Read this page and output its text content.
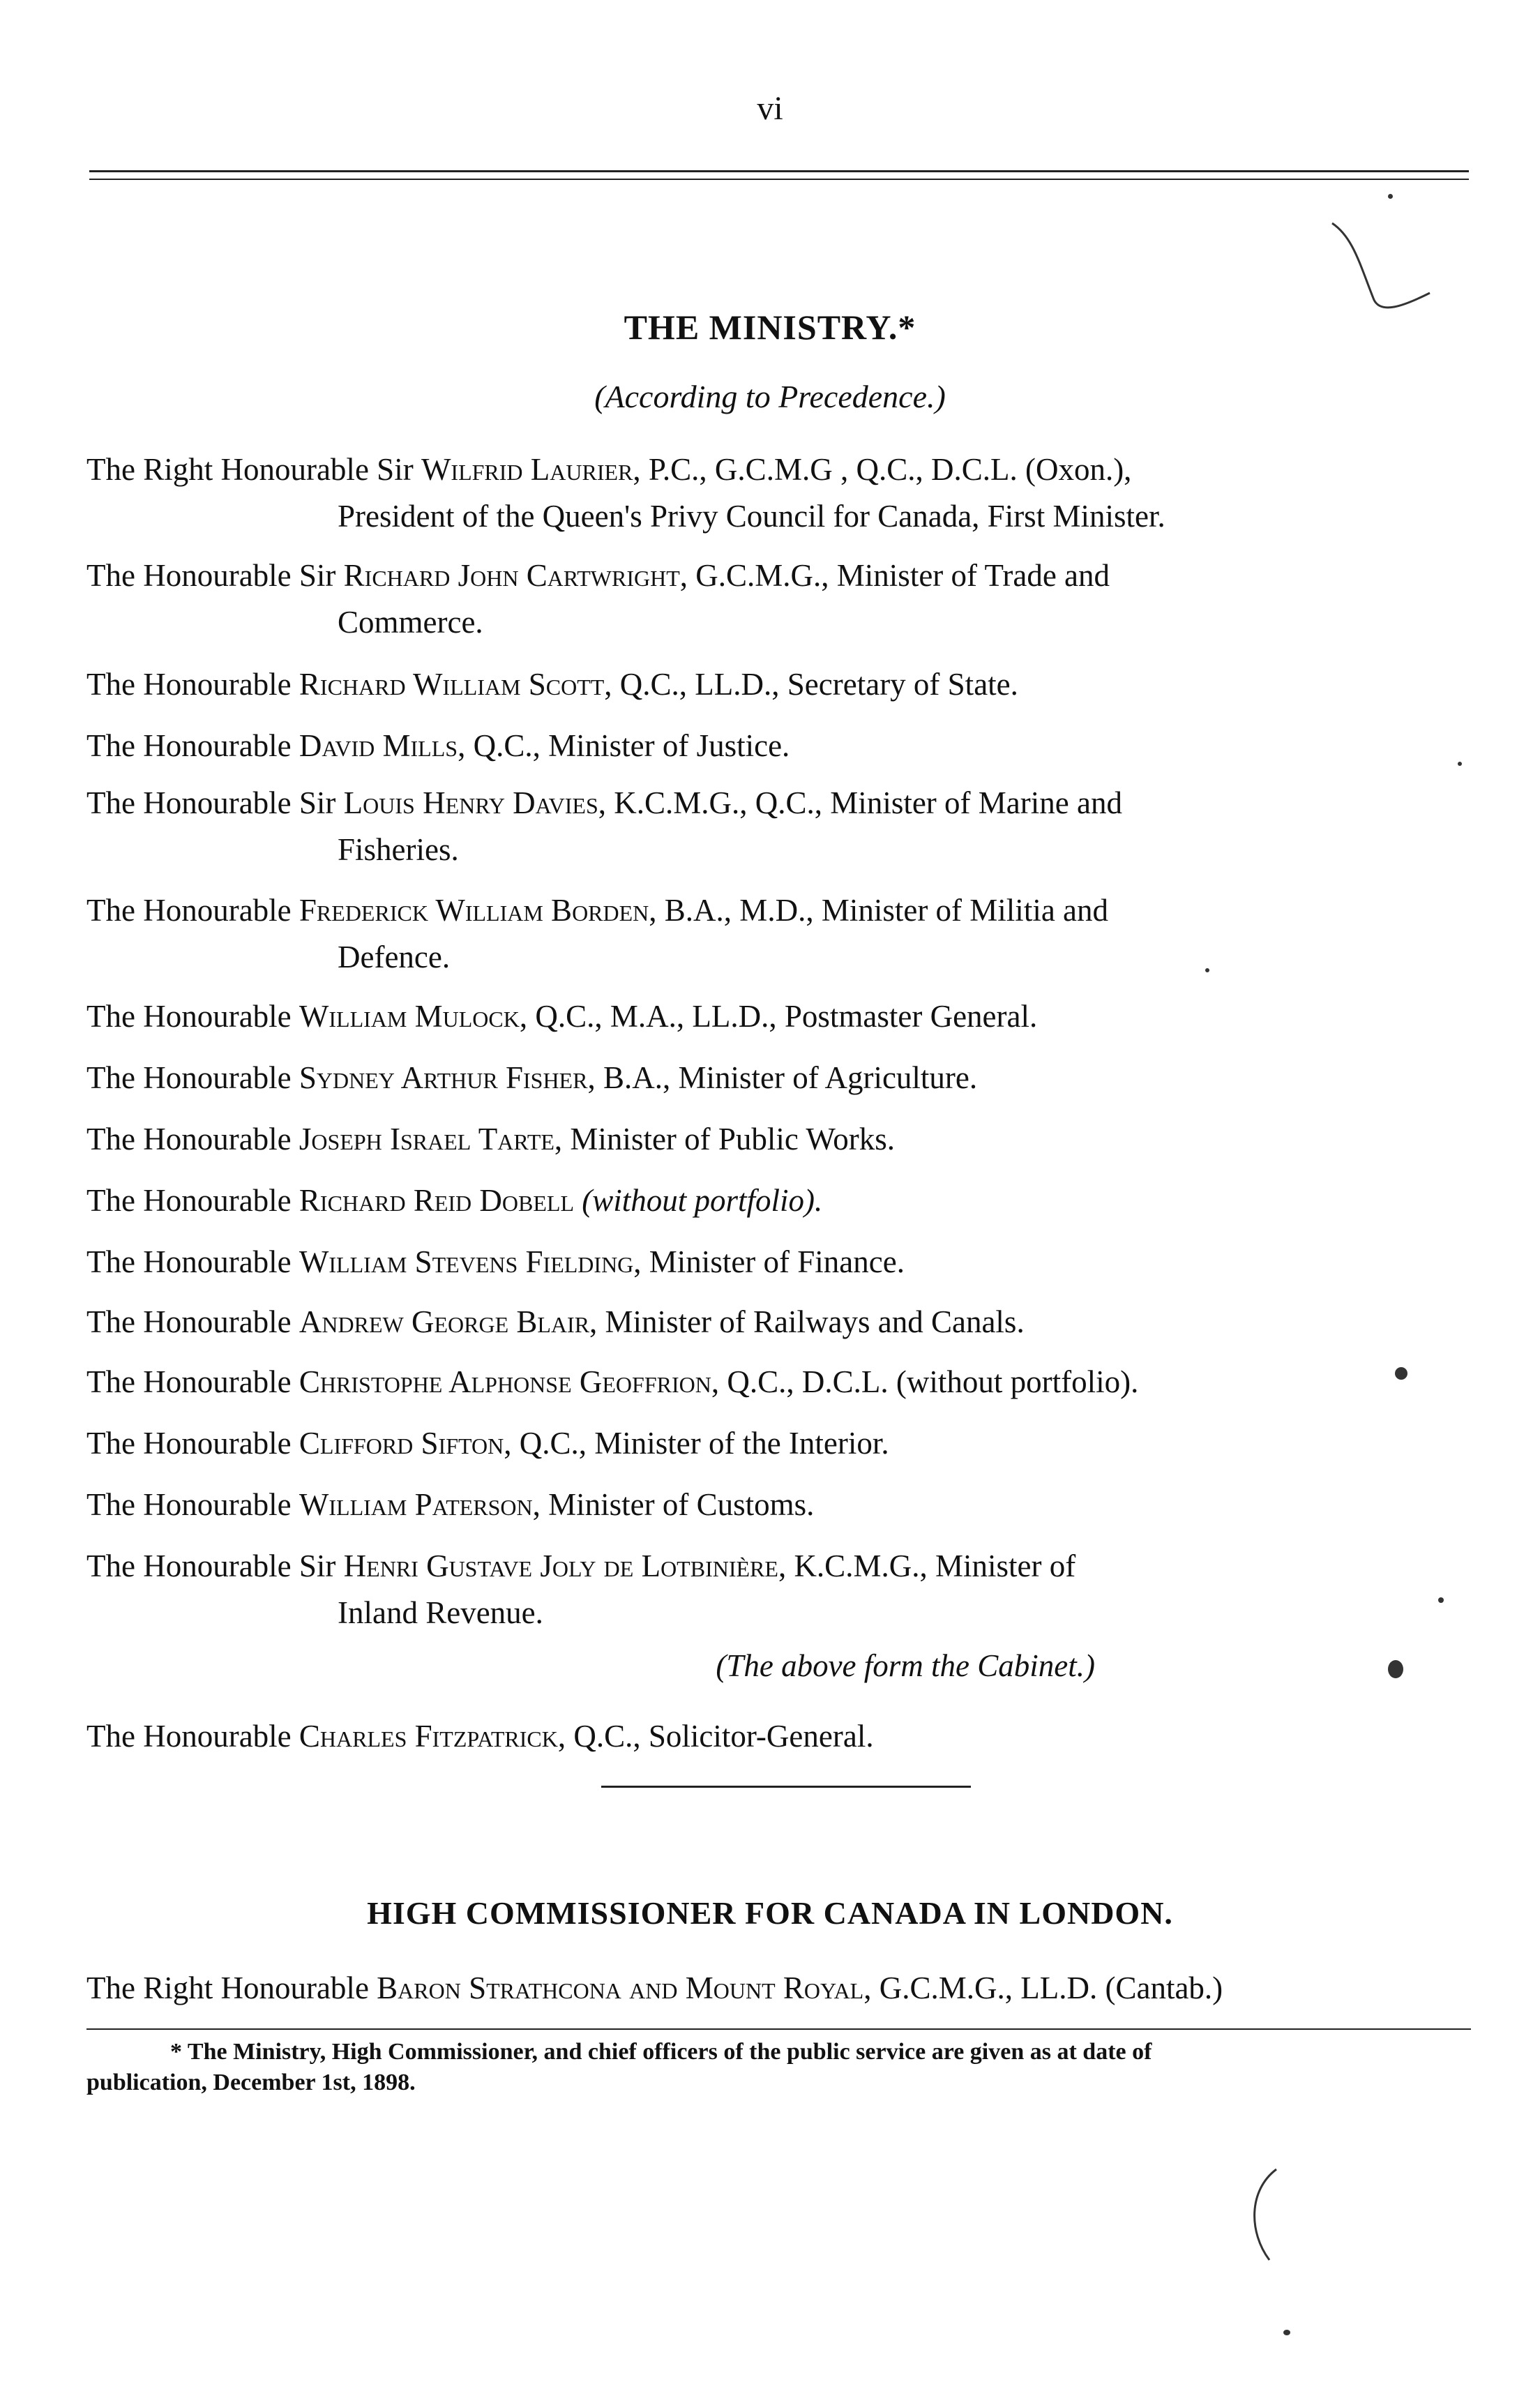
vi
THE MINISTRY.*
(According to Precedence.)
The Right Honourable Sir Wilfrid Laurier, P.C., G.C.M.G , Q.C., D.C.L. (Oxon.),
President of the Queen's Privy Council for Canada, First Minister.
The Honourable Sir Richard John Cartwright, G.C.M.G., Minister of Trade and
Commerce.
The Honourable Richard William Scott, Q.C., LL.D., Secretary of State.
The Honourable David Mills, Q.C., Minister of Justice.
The Honourable Sir Louis Henry Davies, K.C.M.G., Q.C., Minister of Marine and
Fisheries.
The Honourable Frederick William Borden, B.A., M.D., Minister of Militia and
Defence.
The Honourable William Mulock, Q.C., M.A., LL.D., Postmaster General.
The Honourable Sydney Arthur Fisher, B.A., Minister of Agriculture.
The Honourable Joseph Israel Tarte, Minister of Public Works.
The Honourable Richard Reid Dobell (without portfolio).
The Honourable William Stevens Fielding, Minister of Finance.
The Honourable Andrew George Blair, Minister of Railways and Canals.
The Honourable Christophe Alphonse Geoffrion, Q.C., D.C.L. (without portfolio).
The Honourable Clifford Sifton, Q.C., Minister of the Interior.
The Honourable William Paterson, Minister of Customs.
The Honourable Sir Henri Gustave Joly de Lotbinière, K.C.M.G., Minister of
Inland Revenue.
(The above form the Cabinet.)
The Honourable Charles Fitzpatrick, Q.C., Solicitor-General.
HIGH COMMISSIONER FOR CANADA IN LONDON.
The Right Honourable Baron Strathcona and Mount Royal, G.C.M.G., LL.D. (Cantab.)
* The Ministry, High Commissioner, and chief officers of the public service are given as at date of
publication, December 1st, 1898.
